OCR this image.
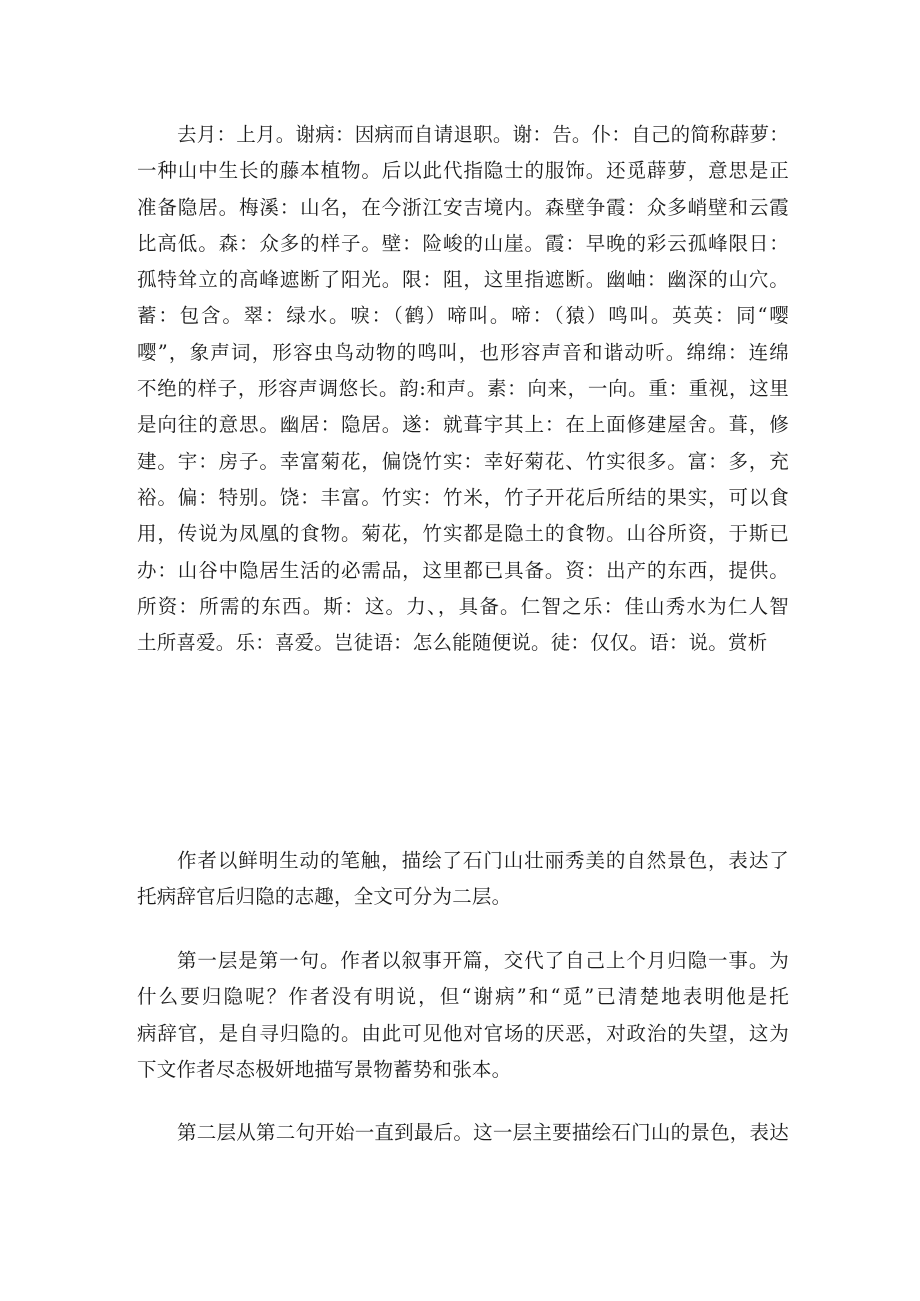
去月：上月。谢病：因病而自请退职。谢：告。仆：自己的简称薜萝：
一种山中生长的藤本植物。后以此代指隐士的服饰。还觅薜萝，意思是正
准备隐居。梅溪：山名，在今浙江安吉境内。森壁争霞：众多峭壁和云霞
比高低。森：众多的样子。壁：险峻的山崖。霞：早晚的彩云孤峰限日：
孤特耸立的高峰遮断了阳光。限：阻，这里指遮断。幽岫：幽深的山穴。
蓄：包含。翠：绿水。唳：（鹤）啼叫。啼：（猿）鸣叫。英英：同“嘤
嘤”，象声词，形容虫鸟动物的鸣叫，也形容声音和谐动听。绵绵：连绵
不绝的样子，形容声调悠长。韵:和声。素：向来，一向。重：重视，这里
是向往的意思。幽居：隐居。遂：就葺宇其上：在上面修建屋舍。葺，修
建。宇：房子。幸富菊花，偏饶竹实：幸好菊花、竹实很多。富：多，充
裕。偏：特别。饶：丰富。竹实：竹米，竹子开花后所结的果实，可以食
用，传说为凤凰的食物。菊花，竹实都是隐土的食物。山谷所资，于斯已
办：山谷中隐居生活的必需品，这里都已具备。资：出产的东西，提供。
所资：所需的东西。斯：这。力、，具备。仁智之乐：佳山秀水为仁人智
土所喜爱。乐：喜爱。岂徒语：怎么能随便说。徒：仅仅。语：说。赏析
作者以鲜明生动的笔触，描绘了石门山壮丽秀美的自然景色，表达了
托病辞官后归隐的志趣，全文可分为二层。
第一层是第一句。作者以叙事开篇，交代了自己上个月归隐一事。为
什么要归隐呢？作者没有明说，但“谢病”和“觅”已清楚地表明他是托
病辞官，是自寻归隐的。由此可见他对官场的厌恶，对政治的失望，这为
下文作者尽态极妍地描写景物蓄势和张本。
第二层从第二句开始一直到最后。这一层主要描绘石门山的景色，表达
